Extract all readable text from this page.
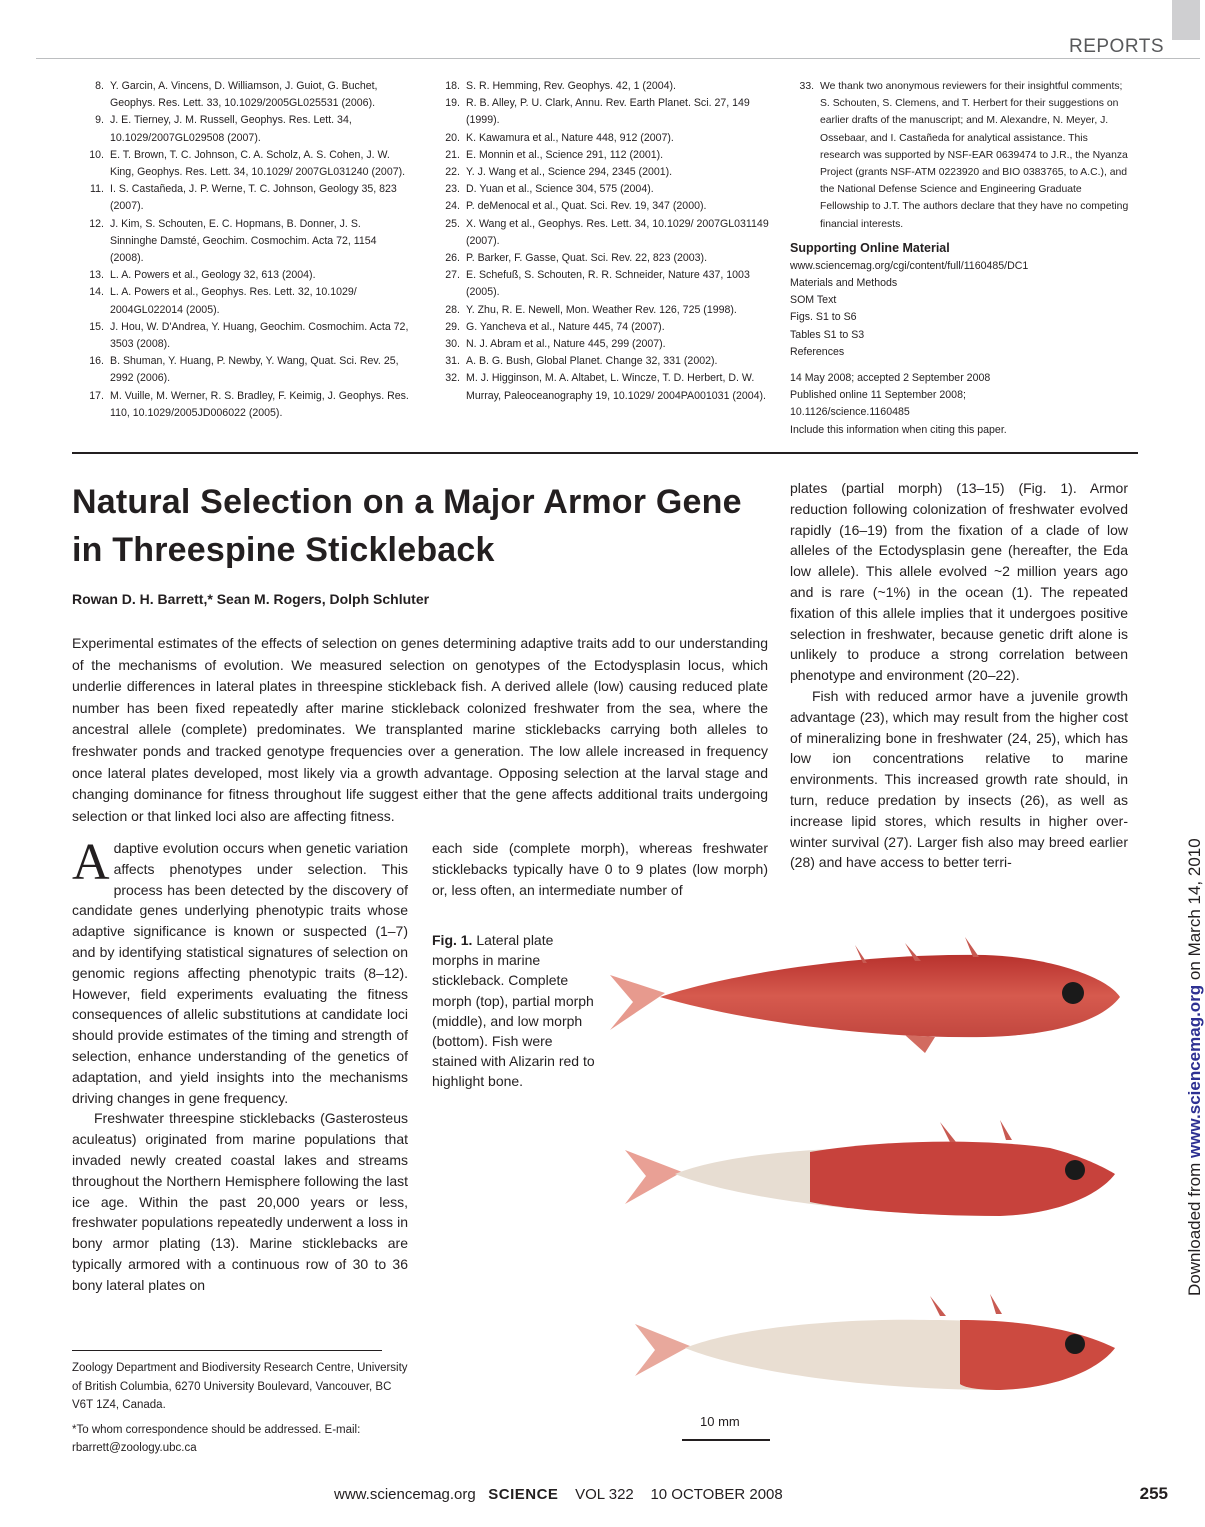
REPORTS
8. Y. Garcin, A. Vincens, D. Williamson, J. Guiot, G. Buchet, Geophys. Res. Lett. 33, 10.1029/2005GL025531 (2006).
9. J. E. Tierney, J. M. Russell, Geophys. Res. Lett. 34, 10.1029/2007GL029508 (2007).
10. E. T. Brown, T. C. Johnson, C. A. Scholz, A. S. Cohen, J. W. King, Geophys. Res. Lett. 34, 10.1029/ 2007GL031240 (2007).
11. I. S. Castañeda, J. P. Werne, T. C. Johnson, Geology 35, 823 (2007).
12. J. Kim, S. Schouten, E. C. Hopmans, B. Donner, J. S. Sinninghe Damsté, Geochim. Cosmochim. Acta 72, 1154 (2008).
13. L. A. Powers et al., Geology 32, 613 (2004).
14. L. A. Powers et al., Geophys. Res. Lett. 32, 10.1029/ 2004GL022014 (2005).
15. J. Hou, W. D'Andrea, Y. Huang, Geochim. Cosmochim. Acta 72, 3503 (2008).
16. B. Shuman, Y. Huang, P. Newby, Y. Wang, Quat. Sci. Rev. 25, 2992 (2006).
17. M. Vuille, M. Werner, R. S. Bradley, F. Keimig, J. Geophys. Res. 110, 10.1029/2005JD006022 (2005).
18. S. R. Hemming, Rev. Geophys. 42, 1 (2004).
19. R. B. Alley, P. U. Clark, Annu. Rev. Earth Planet. Sci. 27, 149 (1999).
20. K. Kawamura et al., Nature 448, 912 (2007).
21. E. Monnin et al., Science 291, 112 (2001).
22. Y. J. Wang et al., Science 294, 2345 (2001).
23. D. Yuan et al., Science 304, 575 (2004).
24. P. deMenocal et al., Quat. Sci. Rev. 19, 347 (2000).
25. X. Wang et al., Geophys. Res. Lett. 34, 10.1029/ 2007GL031149 (2007).
26. P. Barker, F. Gasse, Quat. Sci. Rev. 22, 823 (2003).
27. E. Schefuß, S. Schouten, R. R. Schneider, Nature 437, 1003 (2005).
28. Y. Zhu, R. E. Newell, Mon. Weather Rev. 126, 725 (1998).
29. G. Yancheva et al., Nature 445, 74 (2007).
30. N. J. Abram et al., Nature 445, 299 (2007).
31. A. B. G. Bush, Global Planet. Change 32, 331 (2002).
32. M. J. Higginson, M. A. Altabet, L. Wincze, T. D. Herbert, D. W. Murray, Paleoceanography 19, 10.1029/ 2004PA001031 (2004).
33. We thank two anonymous reviewers for their insightful comments; S. Schouten, S. Clemens, and T. Herbert for their suggestions on earlier drafts of the manuscript; and M. Alexandre, N. Meyer, J. Ossebaar, and I. Castañeda for analytical assistance. This research was supported by NSF-EAR 0639474 to J.R., the Nyanza Project (grants NSF-ATM 0223920 and BIO 0383765, to A.C.), and the National Defense Science and Engineering Graduate Fellowship to J.T. The authors declare that they have no competing financial interests.
Supporting Online Material
www.sciencemag.org/cgi/content/full/1160485/DC1
Materials and Methods
SOM Text
Figs. S1 to S6
Tables S1 to S3
References
14 May 2008; accepted 2 September 2008
Published online 11 September 2008;
10.1126/science.1160485
Include this information when citing this paper.
Natural Selection on a Major Armor Gene in Threespine Stickleback
Rowan D. H. Barrett,* Sean M. Rogers, Dolph Schluter
Experimental estimates of the effects of selection on genes determining adaptive traits add to our understanding of the mechanisms of evolution. We measured selection on genotypes of the Ectodysplasin locus, which underlie differences in lateral plates in threespine stickleback fish. A derived allele (low) causing reduced plate number has been fixed repeatedly after marine stickleback colonized freshwater from the sea, where the ancestral allele (complete) predominates. We transplanted marine sticklebacks carrying both alleles to freshwater ponds and tracked genotype frequencies over a generation. The low allele increased in frequency once lateral plates developed, most likely via a growth advantage. Opposing selection at the larval stage and changing dominance for fitness throughout life suggest either that the gene affects additional traits undergoing selection or that linked loci also are affecting fitness.

Adaptive evolution occurs when genetic variation affects phenotypes under selection. This process has been detected by the discovery of candidate genes underlying phenotypic traits whose adaptive significance is known or suspected (1–7) and by identifying statistical signatures of selection on genomic regions affecting phenotypic traits (8–12). However, field experiments evaluating the fitness consequences of allelic substitutions at candidate loci should provide estimates of the timing and strength of selection, enhance understanding of the genetics of adaptation, and yield insights into the mechanisms driving changes in gene frequency.

Freshwater threespine sticklebacks (Gasterosteus aculeatus) originated from marine populations that invaded newly created coastal lakes and streams throughout the Northern Hemisphere following the last ice age. Within the past 20,000 years or less, freshwater populations repeatedly underwent a loss in bony armor plating (13). Marine sticklebacks are typically armored with a continuous row of 30 to 36 bony lateral plates on

each side (complete morph), whereas freshwater sticklebacks typically have 0 to 9 plates (low morph) or, less often, an intermediate number of

plates (partial morph) (13–15) (Fig. 1). Armor reduction following colonization of freshwater evolved rapidly (16–19) from the fixation of a clade of low alleles of the Ectodysplasin gene (hereafter, the Eda low allele). This allele evolved ~2 million years ago and is rare (~1%) in the ocean (1). The repeated fixation of this allele implies that it undergoes positive selection in freshwater, because genetic drift alone is unlikely to produce a strong correlation between phenotype and environment (20–22).

Fish with reduced armor have a juvenile growth advantage (23), which may result from the higher cost of mineralizing bone in freshwater (24, 25), which has low ion concentrations relative to marine environments. This increased growth rate should, in turn, reduce predation by insects (26), as well as increase lipid stores, which results in higher over-winter survival (27). Larger fish also may breed earlier (28) and have access to better terri-

Fig. 1. Lateral plate morphs in marine stickleback. Complete morph (top), partial morph (middle), and low morph (bottom). Fish were stained with Alizarin red to highlight bone.
10 mm
Zoology Department and Biodiversity Research Centre, University of British Columbia, 6270 University Boulevard, Vancouver, BC V6T 1Z4, Canada.
*To whom correspondence should be addressed. E-mail: rbarrett@zoology.ubc.ca
www.sciencemag.org SCIENCE VOL 322 10 OCTOBER 2008	255
Downloaded from www.sciencemag.org on March 14, 2010
